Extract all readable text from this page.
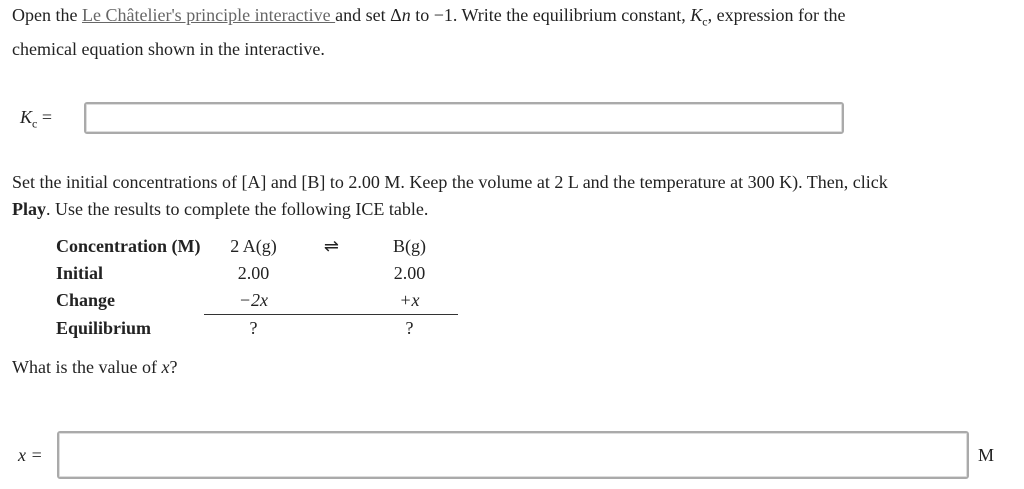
Open the Le Châtelier's principle interactive and set Δn to −1. Write the equilibrium constant, $K_c$, expression for the
chemical equation shown in the interactive.
$K_c$ =
Set the initial concentrations of [A] and [B] to 2.00 M. Keep the volume at 2 L and the temperature at 300 K). Then, click
Play. Use the results to complete the following ICE table.
Concentration (M)	2 A(g)	⇌	B(g)
Initial	2.00		2.00
Change	−2x		+x
Equilibrium	?		?
What is the value of x?
x =	M
